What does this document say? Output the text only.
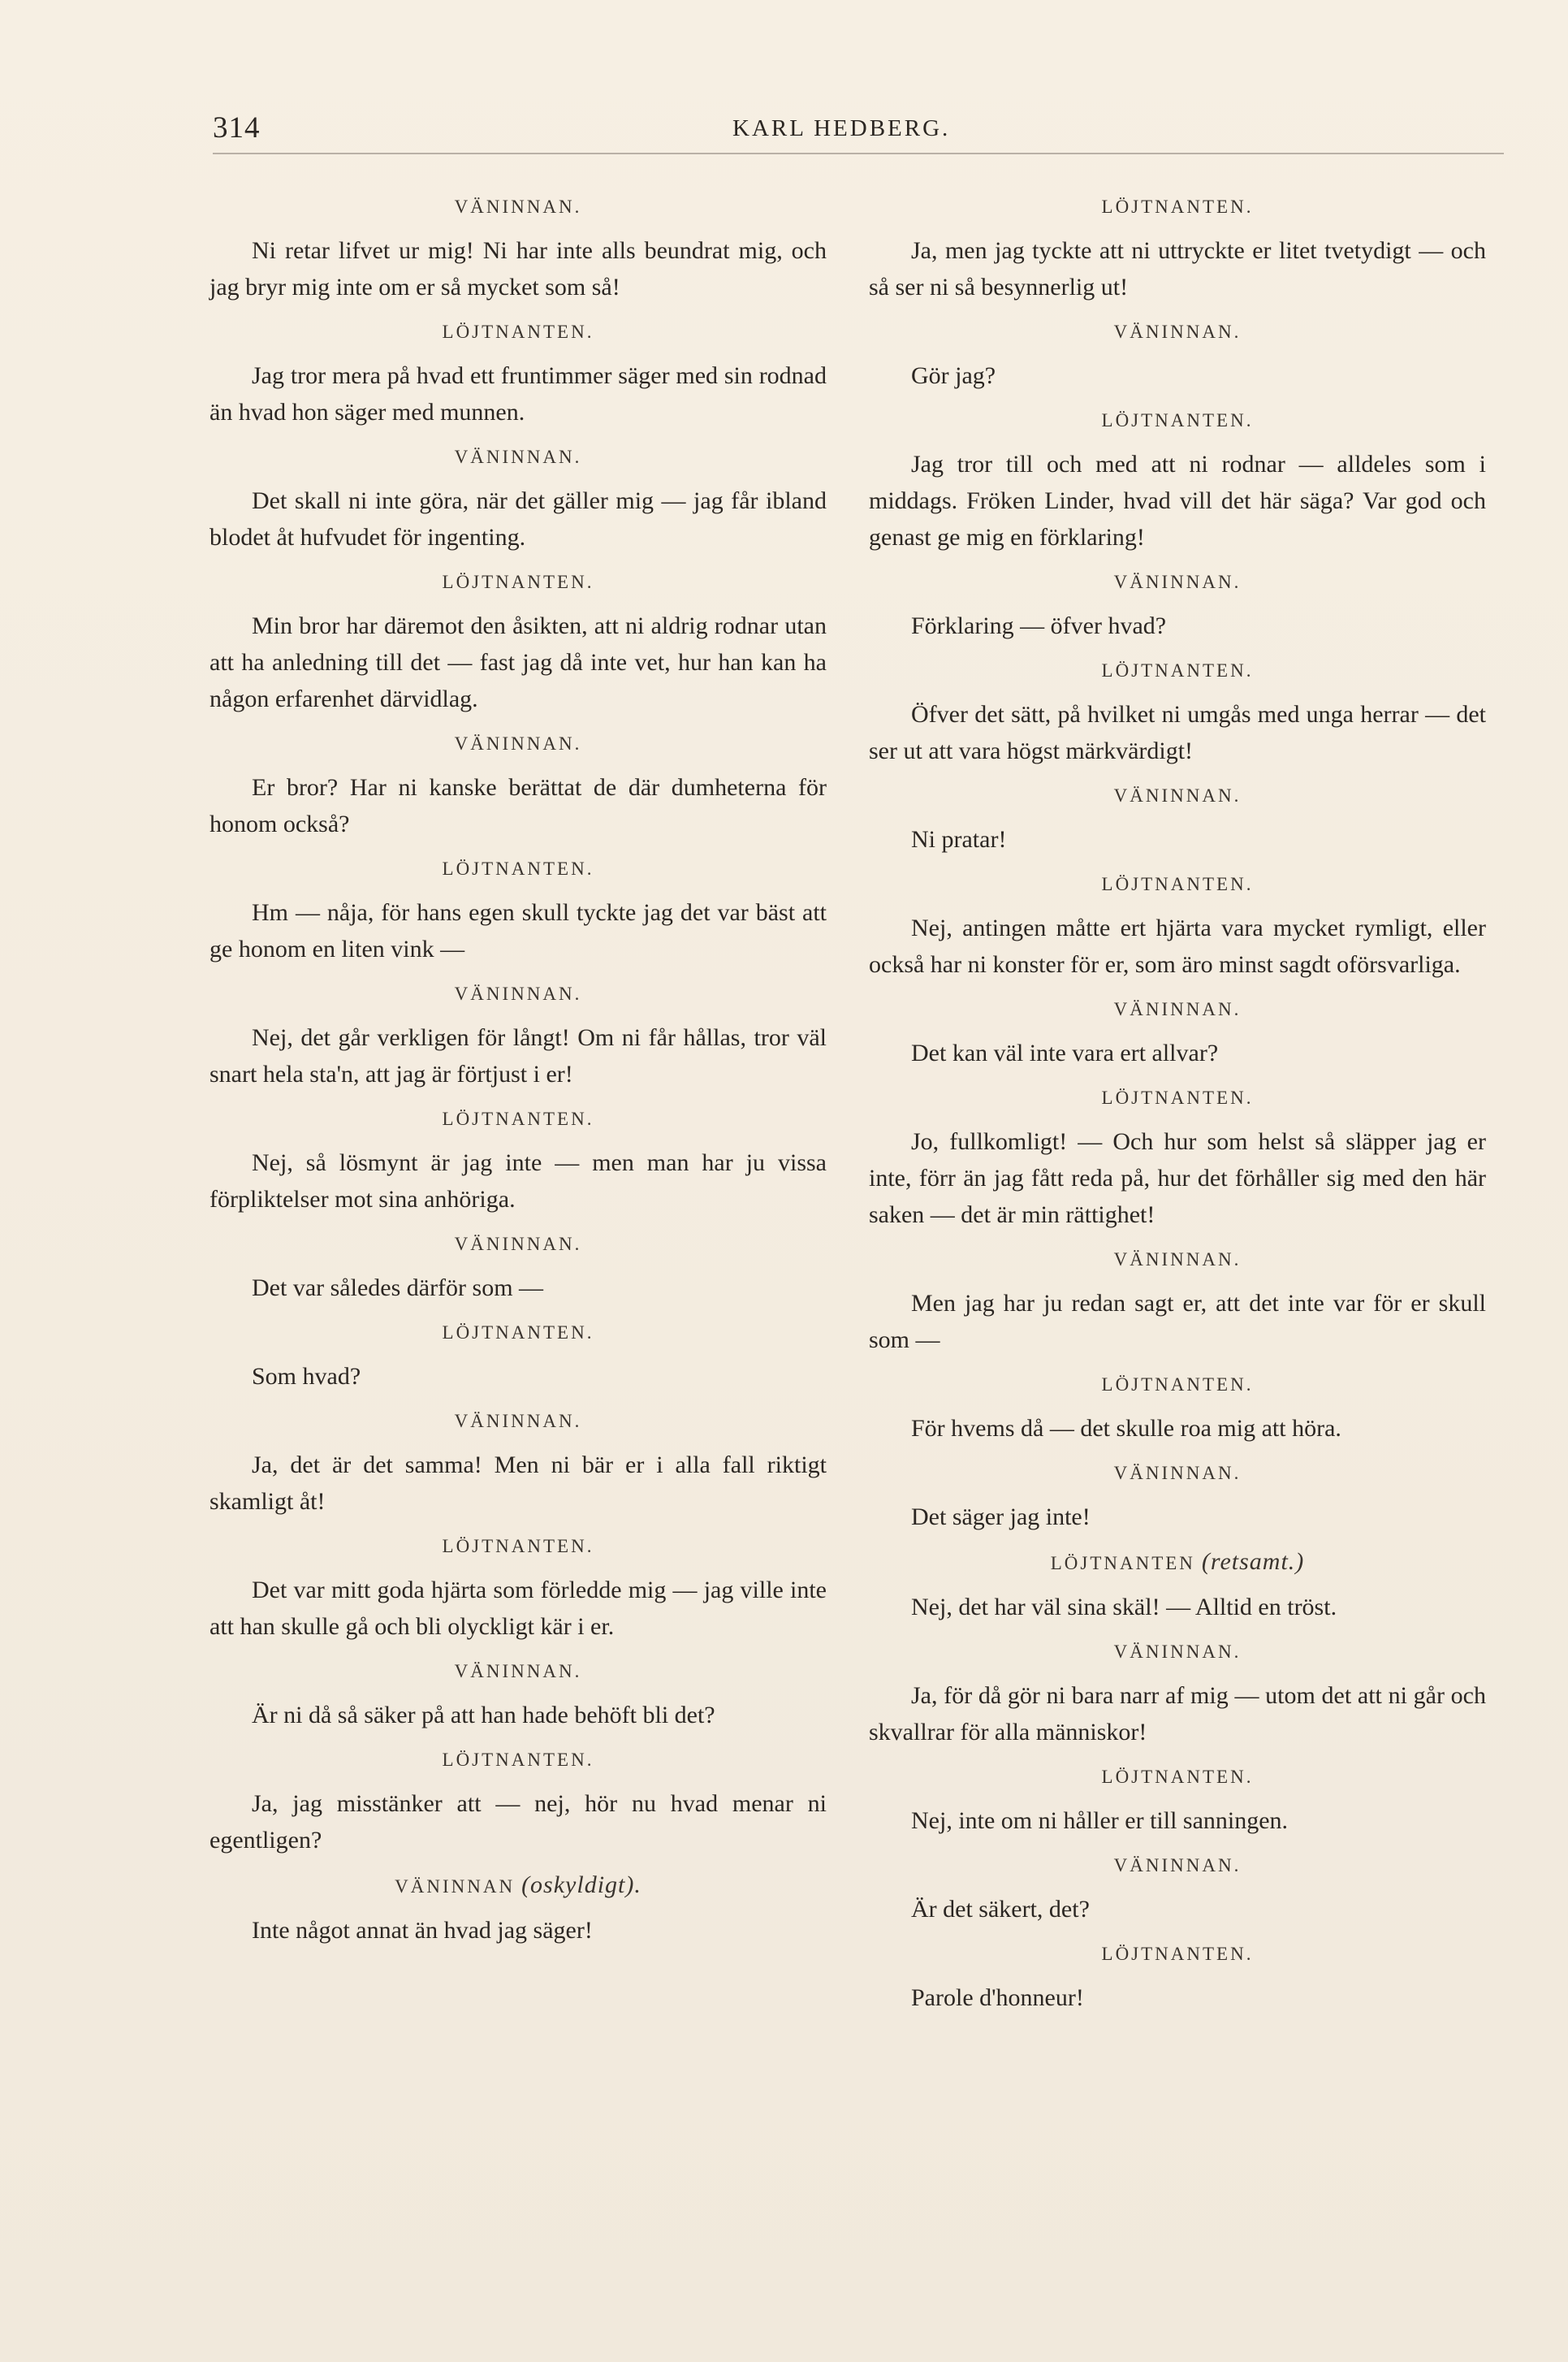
314	KARL HEDBERG.
VÄNINNAN.

Ni retar lifvet ur mig! Ni har inte alls beundrat mig, och jag bryr mig inte om er så mycket som så!

LÖJTNANTEN.

Jag tror mera på hvad ett fruntimmer säger med sin rodnad än hvad hon säger med munnen.

VÄNINNAN.

Det skall ni inte göra, när det gäller mig — jag får ibland blodet åt hufvudet för ingenting.

LÖJTNANTEN.

Min bror har däremot den åsikten, att ni aldrig rodnar utan att ha anledning till det — fast jag då inte vet, hur han kan ha någon erfarenhet därvidlag.

VÄNINNAN.

Er bror? Har ni kanske berättat de där dumheterna för honom också?

LÖJTNANTEN.

Hm — nåja, för hans egen skull tyckte jag det var bäst att ge honom en liten vink —

VÄNINNAN.

Nej, det går verkligen för långt! Om ni får hållas, tror väl snart hela sta'n, att jag är förtjust i er!

LÖJTNANTEN.

Nej, så lösmynt är jag inte — men man har ju vissa förpliktelser mot sina anhöriga.

VÄNINNAN.

Det var således därför som —

LÖJTNANTEN.

Som hvad?

VÄNINNAN.

Ja, det är det samma! Men ni bär er i alla fall riktigt skamligt åt!

LÖJTNANTEN.

Det var mitt goda hjärta som förledde mig — jag ville inte att han skulle gå och bli olyckligt kär i er.

VÄNINNAN.

Är ni då så säker på att han hade behöft bli det?

LÖJTNANTEN.

Ja, jag misstänker att — nej, hör nu hvad menar ni egentligen?

VÄNINNAN (oskyldigt).

Inte något annat än hvad jag säger!

LÖJTNANTEN.

Ja, men jag tyckte att ni uttryckte er litet tvetydigt — och så ser ni så besynnerlig ut!

VÄNINNAN.

Gör jag?

LÖJTNANTEN.

Jag tror till och med att ni rodnar — alldeles som i middags. Fröken Linder, hvad vill det här säga? Var god och genast ge mig en förklaring!

VÄNINNAN.

Förklaring — öfver hvad?

LÖJTNANTEN.

Öfver det sätt, på hvilket ni umgås med unga herrar — det ser ut att vara högst märkvärdigt!

VÄNINNAN.

Ni pratar!

LÖJTNANTEN.

Nej, antingen måtte ert hjärta vara mycket rymligt, eller också har ni konster för er, som äro minst sagdt oförsvarliga.

VÄNINNAN.

Det kan väl inte vara ert allvar?

LÖJTNANTEN.

Jo, fullkomligt! — Och hur som helst så släpper jag er inte, förr än jag fått reda på, hur det förhåller sig med den här saken — det är min rättighet!

VÄNINNAN.

Men jag har ju redan sagt er, att det inte var för er skull som —

LÖJTNANTEN.

För hvems då — det skulle roa mig att höra.

VÄNINNAN.

Det säger jag inte!

LÖJTNANTEN (retsamt.)

Nej, det har väl sina skäl! — Alltid en tröst.

VÄNINNAN.

Ja, för då gör ni bara narr af mig — utom det att ni går och skvallrar för alla människor!

LÖJTNANTEN.

Nej, inte om ni håller er till sanningen.

VÄNINNAN.

Är det säkert, det?

LÖJTNANTEN.

Parole d'honneur!
